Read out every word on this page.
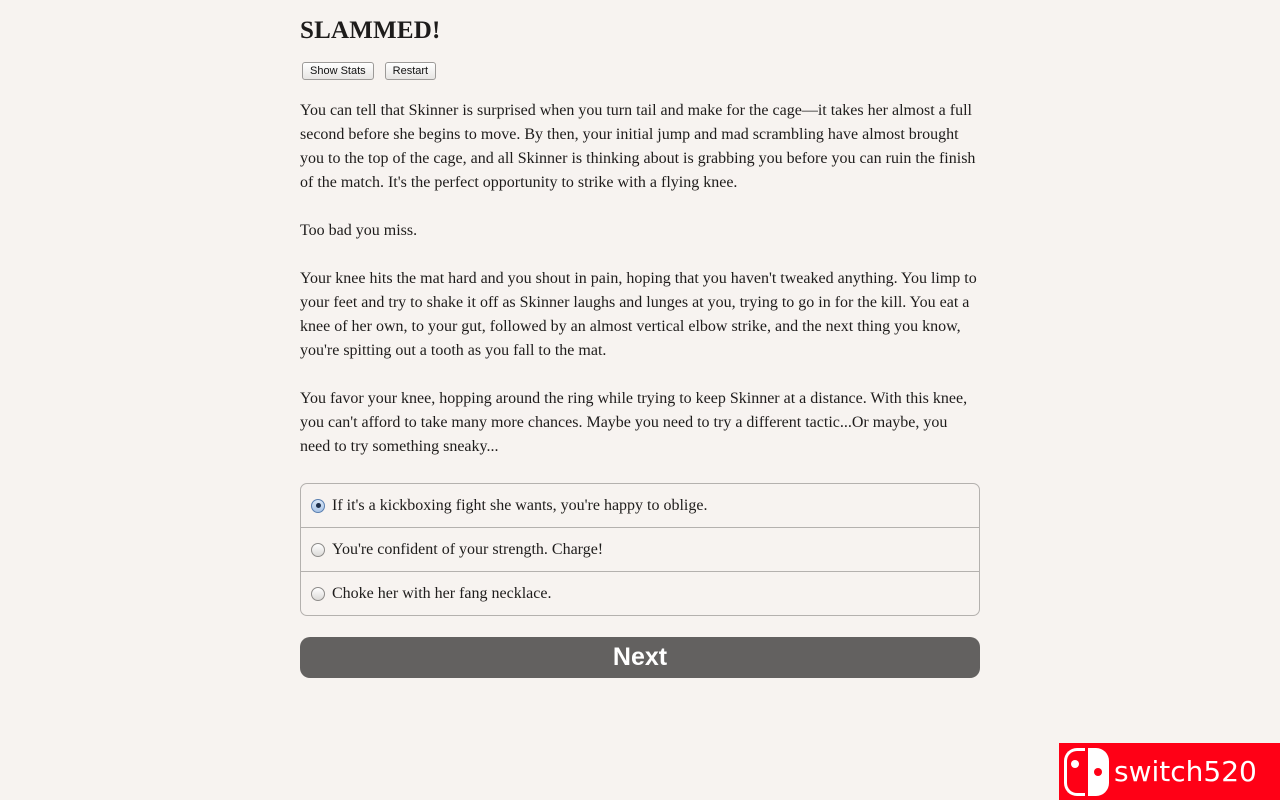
SLAMMED!
Show Stats	Restart

You can tell that Skinner is surprised when you turn tail and make for the cage—it takes her almost a full second before she begins to move. By then, your initial jump and mad scrambling have almost brought you to the top of the cage, and all Skinner is thinking about is grabbing you before you can ruin the finish of the match. It's the perfect opportunity to strike with a flying knee.

Too bad you miss.

Your knee hits the mat hard and you shout in pain, hoping that you haven't tweaked anything. You limp to your feet and try to shake it off as Skinner laughs and lunges at you, trying to go in for the kill. You eat a knee of her own, to your gut, followed by an almost vertical elbow strike, and the next thing you know, you're spitting out a tooth as you fall to the mat.

You favor your knee, hopping around the ring while trying to keep Skinner at a distance. With this knee, you can't afford to take many more chances. Maybe you need to try a different tactic...Or maybe, you need to try something sneaky...

If it's a kickboxing fight she wants, you're happy to oblige.
You're confident of your strength. Charge!
Choke her with her fang necklace.
Next
switch520
